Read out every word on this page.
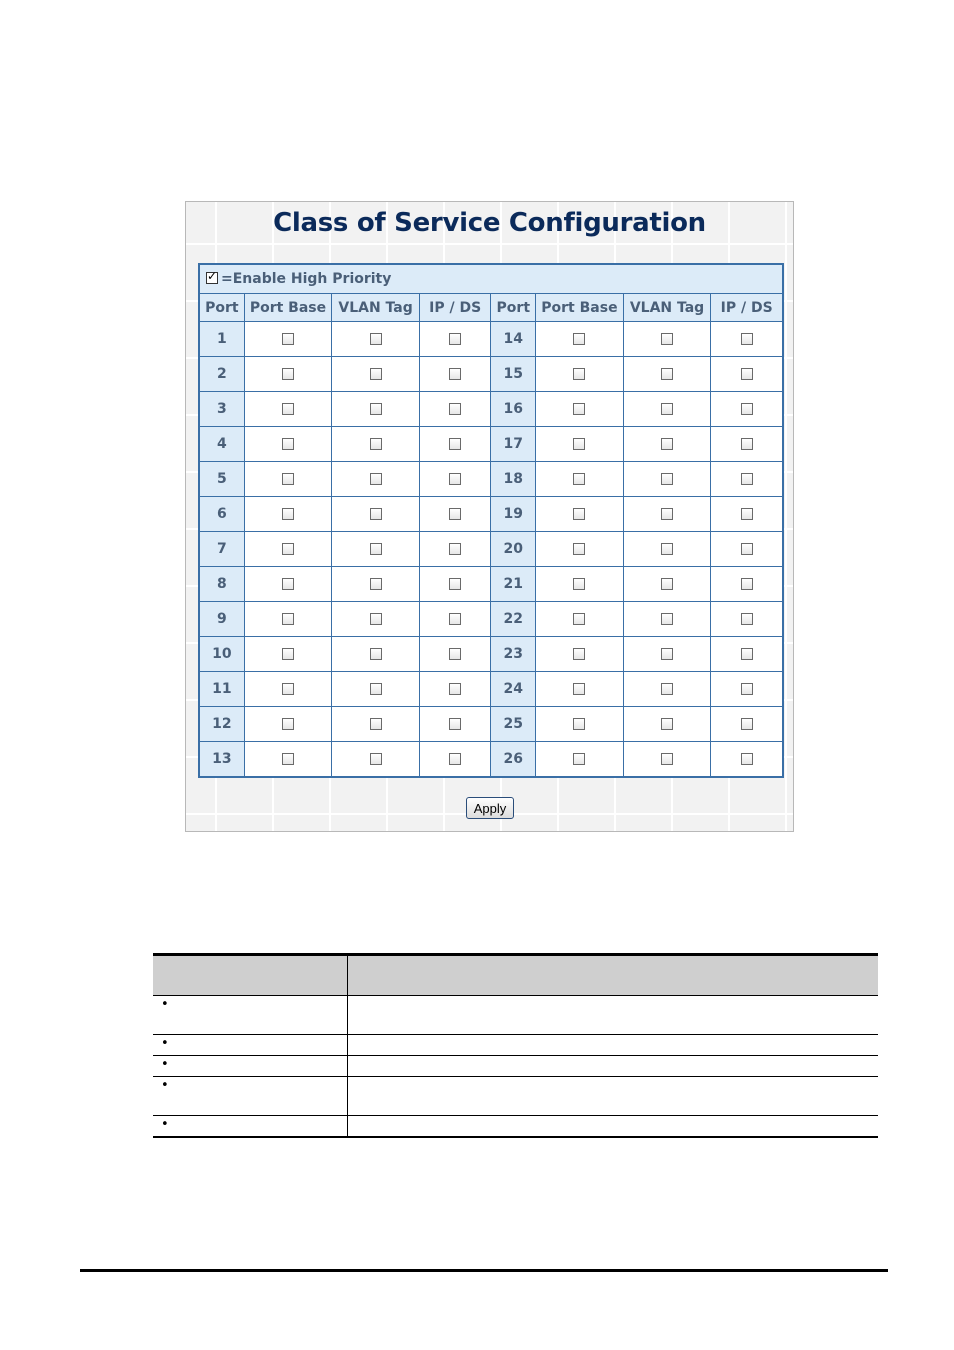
Class of Service Configuration
✓=Enable High Priority
Port	Port Base	VLAN Tag	IP / DS	Port	Port Base	VLAN Tag	IP / DS
1				14			
2				15			
3				16			
4				17			
5				18			
6				19			
7				20			
8				21			
9				22			
10				23			
11				24			
12				25			
13				26			
Apply

•	
•	
•	
•	
•	
